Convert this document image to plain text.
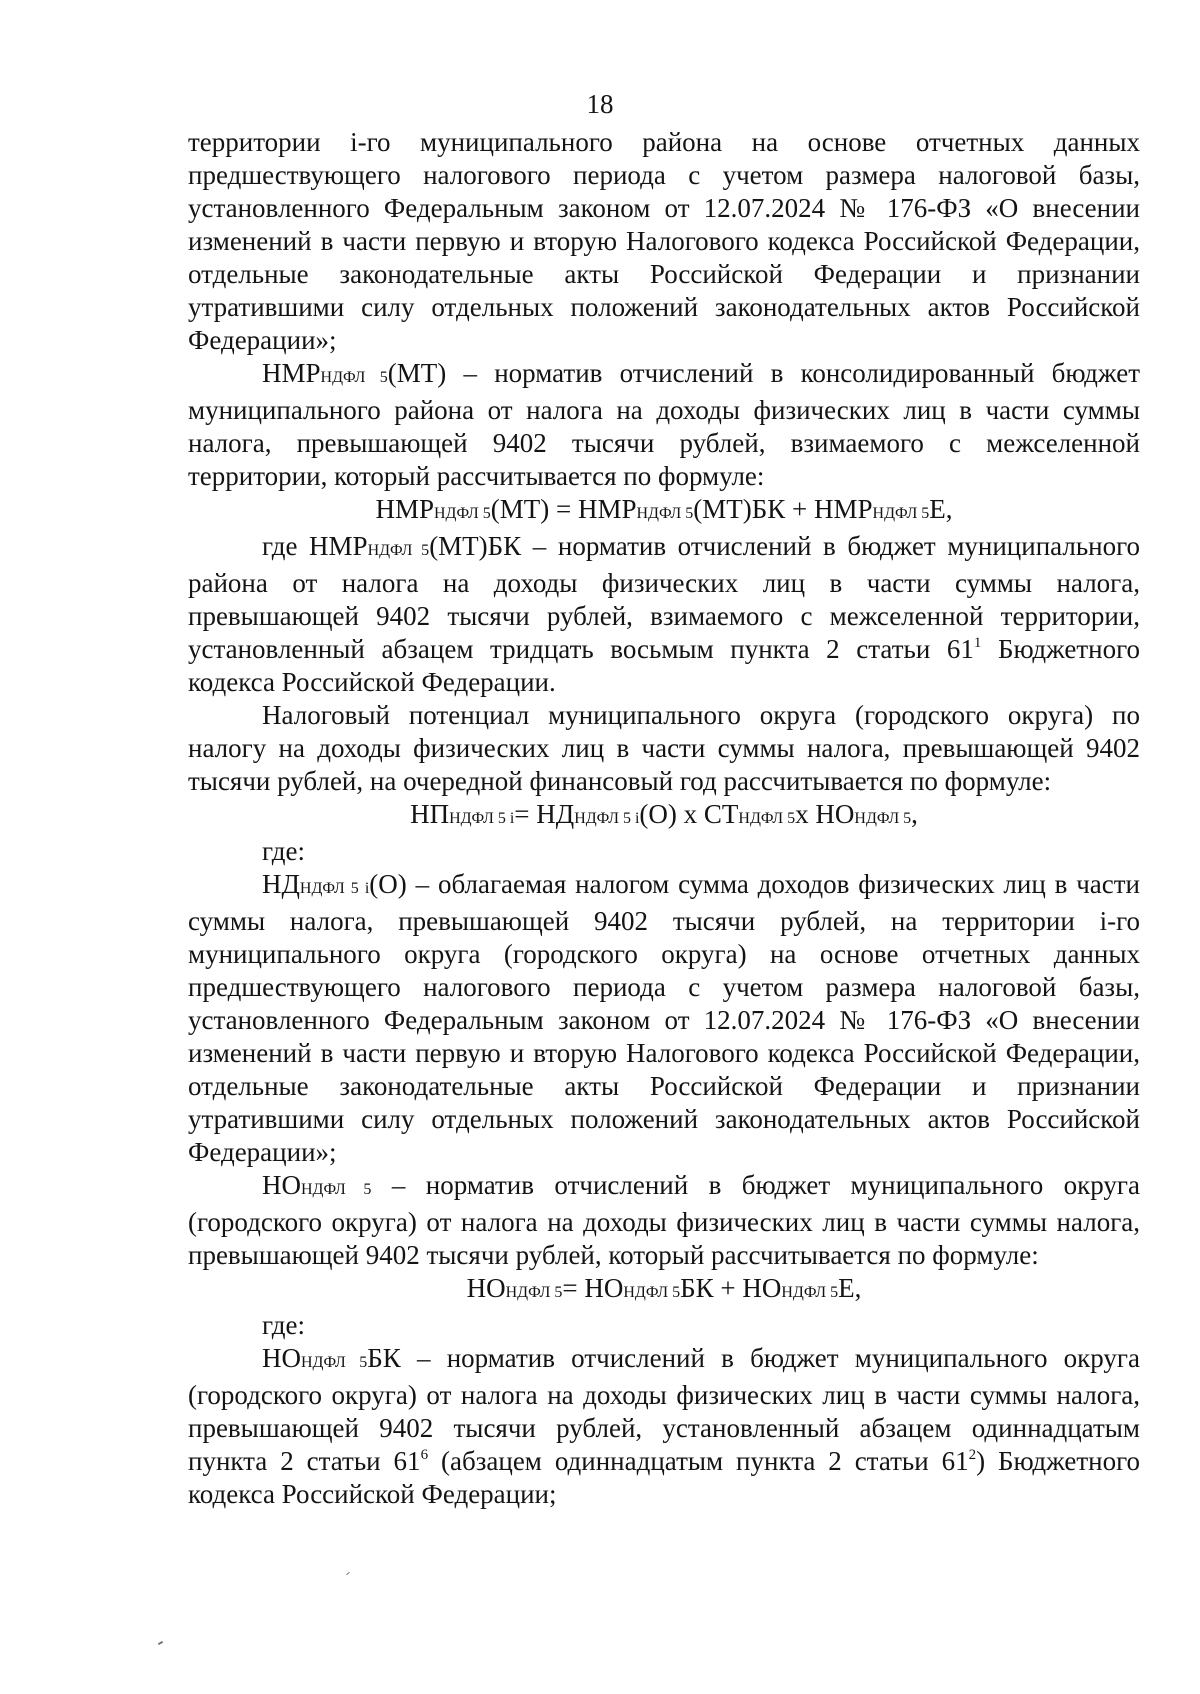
18

территории i-го муниципального района на основе отчетных данных предшествующего налогового периода с учетом размера налоговой базы, установленного Федеральным законом от 12.07.2024 № 176-ФЗ «О внесении изменений в части первую и вторую Налогового кодекса Российской Федерации, отдельные законодательные акты Российской Федерации и признании утратившими силу отдельных положений законодательных актов Российской Федерации»;

НМРНДФЛ 5(МТ) – норматив отчислений в консолидированный бюджет муниципального района от налога на доходы физических лиц в части суммы налога, превышающей 9402 тысячи рублей, взимаемого с межселенной территории, который рассчитывается по формуле:

НМРНДФЛ 5(МТ) = НМРНДФЛ 5(МТ)БК + НМРНДФЛ 5Е,

где НМРНДФЛ 5(МТ)БК – норматив отчислений в бюджет муниципального района от налога на доходы физических лиц в части суммы налога, превышающей 9402 тысячи рублей, взимаемого с межселенной территории, установленный абзацем тридцать восьмым пункта 2 статьи $61^1$ Бюджетного кодекса Российской Федерации.

Налоговый потенциал муниципального округа (городского округа) по налогу на доходы физических лиц в части суммы налога, превышающей 9402 тысячи рублей, на очередной финансовый год рассчитывается по формуле:

НПНДФЛ 5 i= НДНДФЛ 5 i(О) х СТНДФЛ 5х НОНДФЛ 5,

где:

НДНДФЛ 5 i(О) – облагаемая налогом сумма доходов физических лиц в части суммы налога, превышающей 9402 тысячи рублей, на территории i-го муниципального округа (городского округа) на основе отчетных данных предшествующего налогового периода с учетом размера налоговой базы, установленного Федеральным законом от 12.07.2024 № 176-ФЗ «О внесении изменений в части первую и вторую Налогового кодекса Российской Федерации, отдельные законодательные акты Российской Федерации и признании утратившими силу отдельных положений законодательных актов Российской Федерации»;

НОНДФЛ 5 – норматив отчислений в бюджет муниципального округа (городского округа) от налога на доходы физических лиц в части суммы налога, превышающей 9402 тысячи рублей, который рассчитывается по формуле:

НОНДФЛ 5= НОНДФЛ 5БК + НОНДФЛ 5Е,

где:

НОНДФЛ 5БК – норматив отчислений в бюджет муниципального округа (городского округа) от налога на доходы физических лиц в части суммы налога, превышающей 9402 тысячи рублей, установленный абзацем одиннадцатым пункта 2 статьи $61^6$ (абзацем одиннадцатым пункта 2 статьи $61^2$) Бюджетного кодекса Российской Федерации;
